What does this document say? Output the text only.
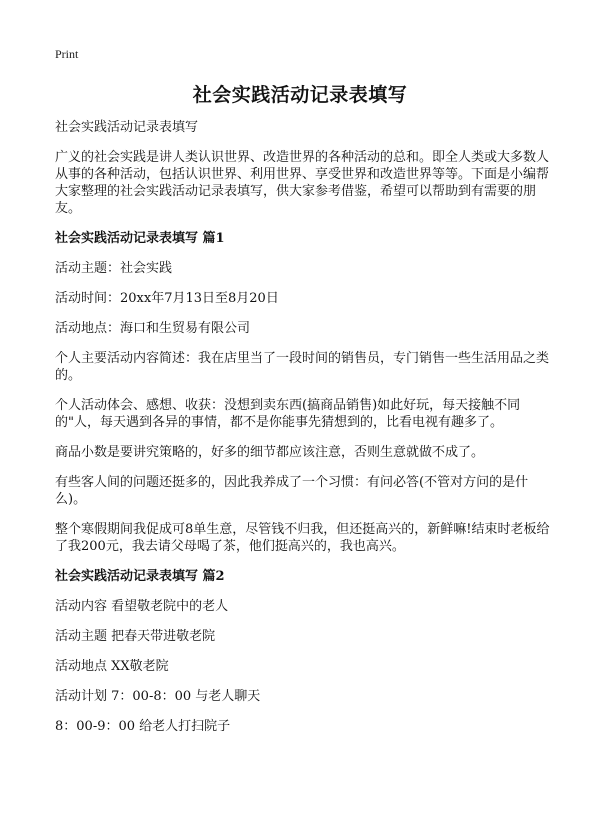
Print
社会实践活动记录表填写
社会实践活动记录表填写
广义的社会实践是讲人类认识世界、改造世界的各种活动的总和。即全人类或大多数人从事的各种活动，包括认识世界、利用世界、享受世界和改造世界等等。下面是小编帮大家整理的社会实践活动记录表填写，供大家参考借鉴，希望可以帮助到有需要的朋友。
社会实践活动记录表填写 篇1
活动主题：社会实践
活动时间：20xx年7月13日至8月20日
活动地点：海口和生贸易有限公司
个人主要活动内容简述：我在店里当了一段时间的销售员，专门销售一些生活用品之类的。
个人活动体会、感想、收获：没想到卖东西(搞商品销售)如此好玩，每天接触不同的"人，每天遇到各异的事情，都不是你能事先猜想到的，比看电视有趣多了。
商品小数是要讲究策略的，好多的细节都应该注意，否则生意就做不成了。
有些客人间的问题还挺多的，因此我养成了一个习惯：有问必答(不管对方问的是什么)。
整个寒假期间我促成可8单生意，尽管钱不归我，但还挺高兴的，新鲜嘛!结束时老板给了我200元，我去请父母喝了茶，他们挺高兴的，我也高兴。
社会实践活动记录表填写 篇2
活动内容 看望敬老院中的老人
活动主题 把春天带进敬老院
活动地点 XX敬老院
活动计划 7：00-8：00 与老人聊天
8：00-9：00 给老人打扫院子
